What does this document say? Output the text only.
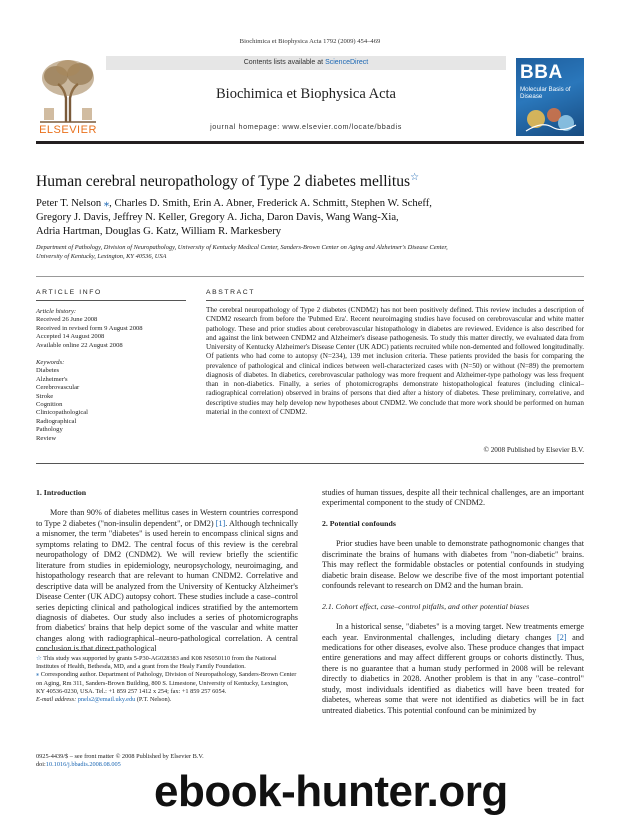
Biochimica et Biophysica Acta 1792 (2009) 454–469
ELSEVIER
Contents lists available at ScienceDirect
Biochimica et Biophysica Acta
journal homepage: www.elsevier.com/locate/bbadis
BBA
Molecular Basis of Disease
Human cerebral neuropathology of Type 2 diabetes mellitus☆
Peter T. Nelson ⁎, Charles D. Smith, Erin A. Abner, Frederick A. Schmitt, Stephen W. Scheff,
Gregory J. Davis, Jeffrey N. Keller, Gregory A. Jicha, Daron Davis, Wang Wang-Xia,
Adria Hartman, Douglas G. Katz, William R. Markesbery
Department of Pathology, Division of Neuropathology, University of Kentucky Medical Center, Sanders-Brown Center on Aging and Alzheimer's Disease Center,
University of Kentucky, Lexington, KY 40536, USA
ARTICLE INFO	ABSTRACT
Article history:
Received 26 June 2008
Received in revised form 9 August 2008
Accepted 14 August 2008
Available online 22 August 2008
Keywords:
Diabetes
Alzheimer's
Cerebrovascular
Stroke
Cognition
Clinicopathological
Radiographical
Pathology
Review
The cerebral neuropathology of Type 2 diabetes (CNDM2) has not been positively defined. This review includes a description of CNDM2 research from before the 'Pubmed Era'. Recent neuroimaging studies have focused on cerebrovascular and white matter pathology. These and prior studies about cerebrovascular histopathology in diabetes are reviewed. Evidence is also described for and against the link between CNDM2 and Alzheimer's disease pathogenesis. To study this matter directly, we evaluated data from University of Kentucky Alzheimer's Disease Center (UK ADC) patients recruited while non-demented and followed longitudinally. Of patients who had come to autopsy (N=234), 139 met inclusion criteria. These patients provided the basis for comparing the prevalence of pathological and clinical indices between well-characterized cases with (N=50) or without (N=89) the premortem diagnosis of diabetes. In diabetics, cerebrovascular pathology was more frequent and Alzheimer-type pathology was less frequent than in non-diabetics. Finally, a series of photomicrographs demonstrate histopathological features (including clinical–radiographical correlation) observed in brains of persons that died after a history of diabetes. These preliminary, correlative, and descriptive studies may help develop new hypotheses about CNDM2. We conclude that more work should be performed on human material in the context of CNDM2.
© 2008 Published by Elsevier B.V.
1. Introduction

More than 90% of diabetes mellitus cases in Western countries correspond to Type 2 diabetes ("non-insulin dependent", or DM2) [1]. Although technically a misnomer, the term "diabetes" is used herein to encompass clinical signs and symptoms relating to DM2. The central focus of this review is the cerebral neuropathology of DM2 (CNDM2). We will review briefly the scientific literature from studies in epidemiology, neuropsychology, neuroimaging, and histopathology research that are relevant to human CNDM2. Correlative and descriptive data will be analyzed from the University of Kentucky Alzheimer's Disease Center (UK ADC) autopsy cohort. These studies include a case–control series depicting clinical and pathological indices stratified by the antemortem diagnosis of diabetes. Our study also includes a series of photomicrographs from diabetics' brains that help depict some of the vascular and white matter changes along with radiographical–neuro-pathological correlation. A central conclusion is that direct pathological

studies of human tissues, despite all their technical challenges, are an important experimental component to the study of CNDM2.

2. Potential confounds

Prior studies have been unable to demonstrate pathognomonic changes that discriminate the brains of humans with diabetes from "non-diabetic" brains. This may reflect the formidable obstacles or potential confounds in studying diabetic brain disease. Below we describe five of the most important potential confounds relevant to research on DM2 and the human brain.

2.1. Cohort effect, case–control pitfalls, and other potential biases

In a historical sense, "diabetes" is a moving target. New treatments emerge each year. Environmental challenges, including dietary changes [2] and medications for other diseases, evolve also. These produce changes that impact entire generations and may affect different groups or cohorts distinctly. Thus, there is no guarantee that a human study performed in 2008 will be relevant directly to diabetics in 2028. Another problem is that in any "case–control" study, most individuals identified as diabetics will have been treated for diabetes, whereas some that were not identified as diabetics will be in fact untreated diabetics. This potential confound can be minimized by

☆ This study was supported by grants 5-P30-AG028383 and K08 NS050110 from the National Institutes of Health, Bethesda, MD, and a grant from the Healy Family Foundation.
⁎ Corresponding author. Department of Pathology, Division of Neuropathology, Sanders-Brown Center on Aging, Rm 311, Sanders-Brown Building, 800 S. Limestone, University of Kentucky, Lexington, KY 40536-0230, USA. Tel.: +1 859 257 1412 x 254; fax: +1 859 257 6054.
E-mail address: pnels2@email.uky.edu (P.T. Nelson).
0925-4439/$ – see front matter © 2008 Published by Elsevier B.V.
doi:10.1016/j.bbadis.2008.08.005
ebook-hunter.org
